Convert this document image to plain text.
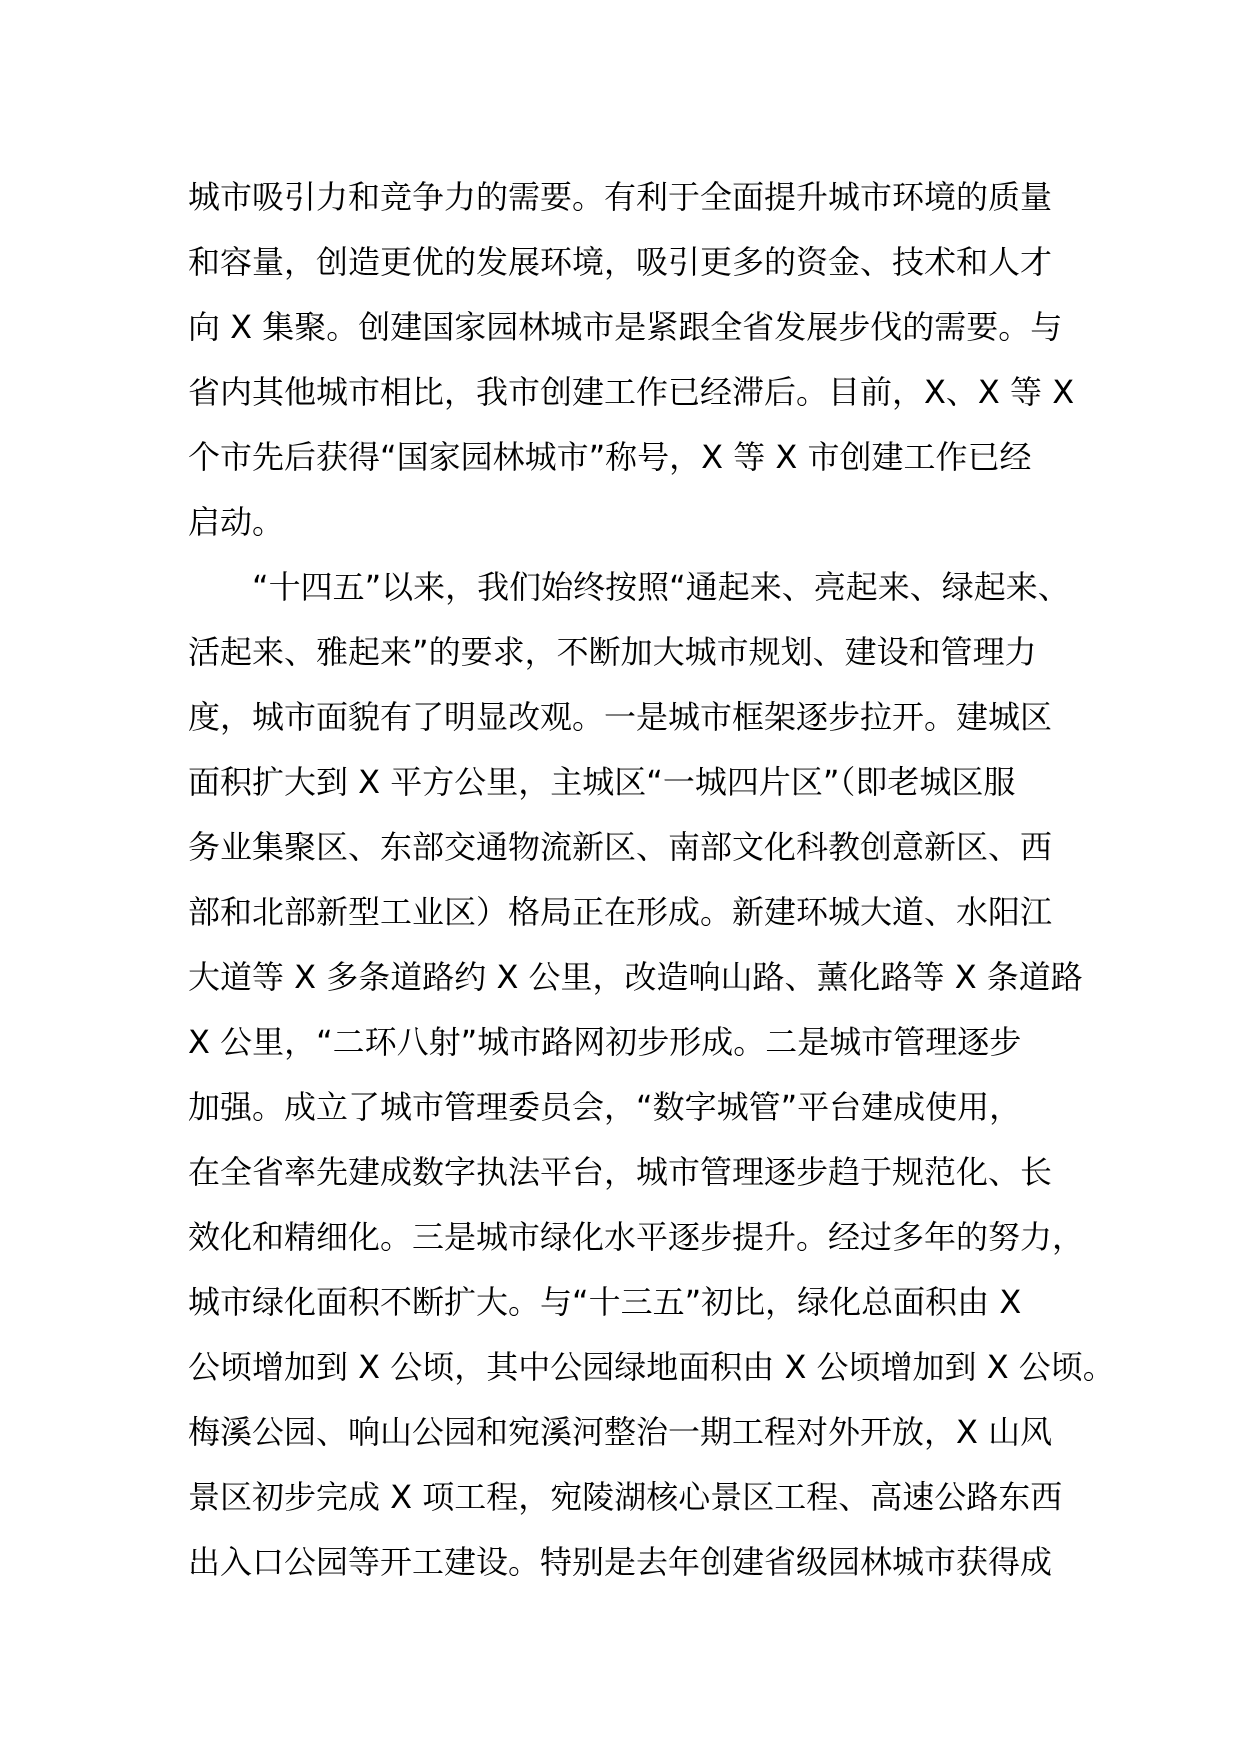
城市吸引力和竞争力的需要。有利于全面提升城市环境的质量
和容量，创造更优的发展环境，吸引更多的资金、技术和人才
向 X 集聚。创建国家园林城市是紧跟全省发展步伐的需要。与
省内其他城市相比，我市创建工作已经滞后。目前，X、X 等 X
个市先后获得“国家园林城市”称号，X 等 X 市创建工作已经
启动。
　　“十四五”以来，我们始终按照“通起来、亮起来、绿起来、
活起来、雅起来”的要求，不断加大城市规划、建设和管理力
度，城市面貌有了明显改观。一是城市框架逐步拉开。建城区
面积扩大到 X 平方公里，主城区“一城四片区”（即老城区服
务业集聚区、东部交通物流新区、南部文化科教创意新区、西
部和北部新型工业区）格局正在形成。新建环城大道、水阳江
大道等 X 多条道路约 X 公里，改造响山路、薰化路等 X 条道路
X 公里，“二环八射”城市路网初步形成。二是城市管理逐步
加强。成立了城市管理委员会，“数字城管”平台建成使用，
在全省率先建成数字执法平台，城市管理逐步趋于规范化、长
效化和精细化。三是城市绿化水平逐步提升。经过多年的努力，
城市绿化面积不断扩大。与“十三五”初比，绿化总面积由 X
公顷增加到 X 公顷，其中公园绿地面积由 X 公顷增加到 X 公顷。
梅溪公园、响山公园和宛溪河整治一期工程对外开放，X 山风
景区初步完成 X 项工程，宛陵湖核心景区工程、高速公路东西
出入口公园等开工建设。特别是去年创建省级园林城市获得成
